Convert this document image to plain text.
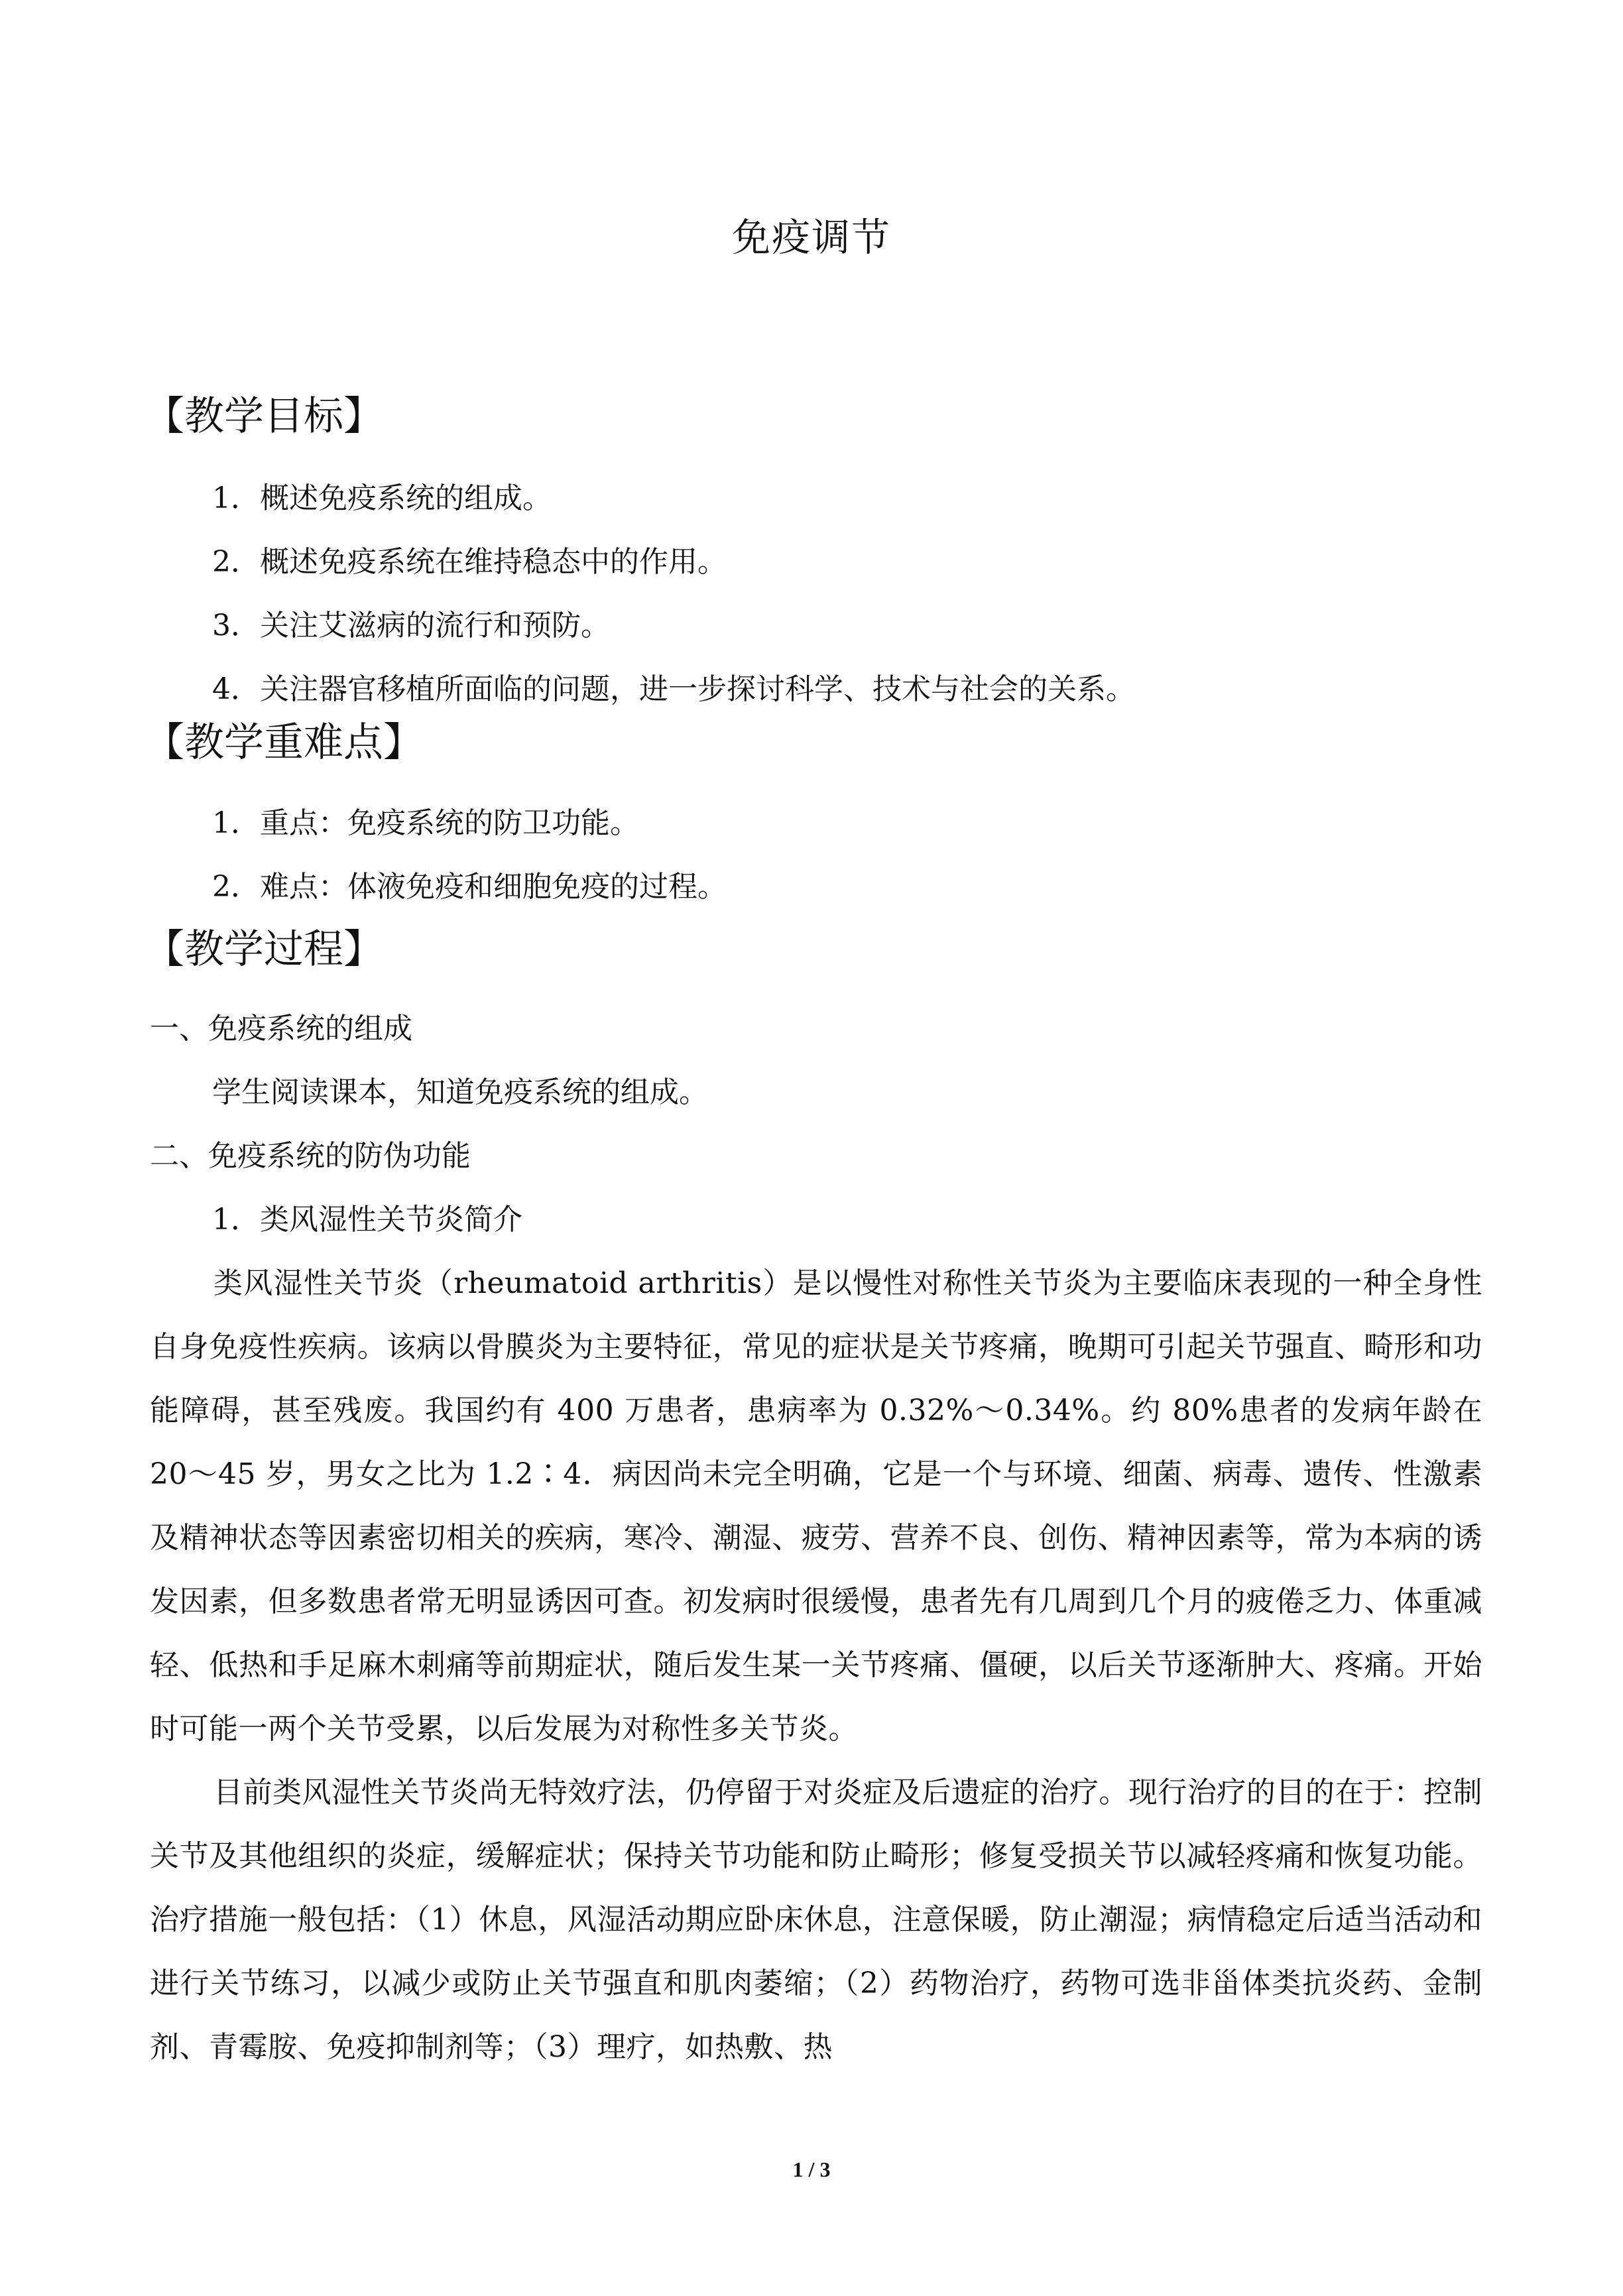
免疫调节
【教学目标】
1．概述免疫系统的组成。
2．概述免疫系统在维持稳态中的作用。
3．关注艾滋病的流行和预防。
4．关注器官移植所面临的问题，进一步探讨科学、技术与社会的关系。
【教学重难点】
1．重点：免疫系统的防卫功能。
2．难点：体液免疫和细胞免疫的过程。
【教学过程】
一、免疫系统的组成
学生阅读课本，知道免疫系统的组成。
二、免疫系统的防伪功能
1．类风湿性关节炎简介
类风湿性关节炎（rheumatoid arthritis）是以慢性对称性关节炎为主要临床表现的一种全身性自身免疫性疾病。该病以骨膜炎为主要特征，常见的症状是关节疼痛，晚期可引起关节强直、畸形和功能障碍，甚至残废。我国约有 400 万患者，患病率为 0.32%～0.34%。约 80%患者的发病年龄在 20～45 岁，男女之比为 1.2∶4．病因尚未完全明确，它是一个与环境、细菌、病毒、遗传、性激素及精神状态等因素密切相关的疾病，寒冷、潮湿、疲劳、营养不良、创伤、精神因素等，常为本病的诱发因素，但多数患者常无明显诱因可查。初发病时很缓慢，患者先有几周到几个月的疲倦乏力、体重减轻、低热和手足麻木刺痛等前期症状，随后发生某一关节疼痛、僵硬，以后关节逐渐肿大、疼痛。开始时可能一两个关节受累，以后发展为对称性多关节炎。
目前类风湿性关节炎尚无特效疗法，仍停留于对炎症及后遗症的治疗。现行治疗的目的在于：控制关节及其他组织的炎症，缓解症状；保持关节功能和防止畸形；修复受损关节以减轻疼痛和恢复功能。治疗措施一般包括：（1）休息，风湿活动期应卧床休息，注意保暖，防止潮湿；病情稳定后适当活动和进行关节练习，以减少或防止关节强直和肌肉萎缩；（2）药物治疗，药物可选非甾体类抗炎药、金制剂、青霉胺、免疫抑制剂等；（3）理疗，如热敷、热
1 / 3
